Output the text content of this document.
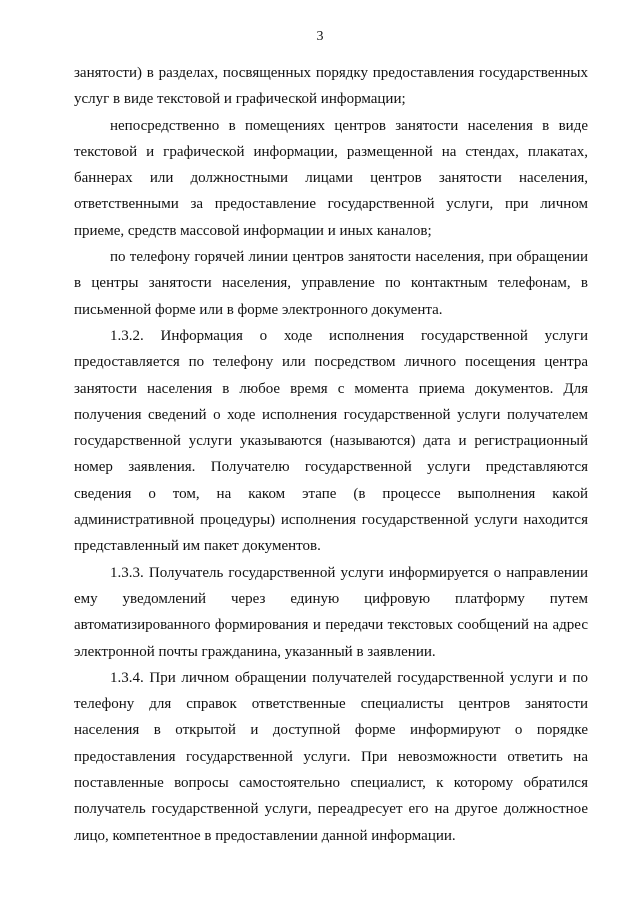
3

занятости) в разделах, посвященных порядку предоставления государственных услуг в виде текстовой и графической информации;

непосредственно в помещениях центров занятости населения в виде текстовой и графической информации, размещенной на стендах, плакатах, баннерах или должностными лицами центров занятости населения, ответственными за предоставление государственной услуги, при личном приеме, средств массовой информации и иных каналов;

по телефону горячей линии центров занятости населения, при обращении в центры занятости населения, управление по контактным телефонам, в письменной форме или в форме электронного документа.

1.3.2. Информация о ходе исполнения государственной услуги предоставляется по телефону или посредством личного посещения центра занятости населения в любое время с момента приема документов. Для получения сведений о ходе исполнения государственной услуги получателем государственной услуги указываются (называются) дата и регистрационный номер заявления. Получателю государственной услуги представляются сведения о том, на каком этапе (в процессе выполнения какой административной процедуры) исполнения государственной услуги находится представленный им пакет документов.

1.3.3. Получатель государственной услуги информируется о направлении ему уведомлений через единую цифровую платформу путем автоматизированного формирования и передачи текстовых сообщений на адрес электронной почты гражданина, указанный в заявлении.

1.3.4. При личном обращении получателей государственной услуги и по телефону для справок ответственные специалисты центров занятости населения в открытой и доступной форме информируют о порядке предоставления государственной услуги. При невозможности ответить на поставленные вопросы самостоятельно специалист, к которому обратился получатель государственной услуги, переадресует его на другое должностное лицо, компетентное в предоставлении данной информации.
